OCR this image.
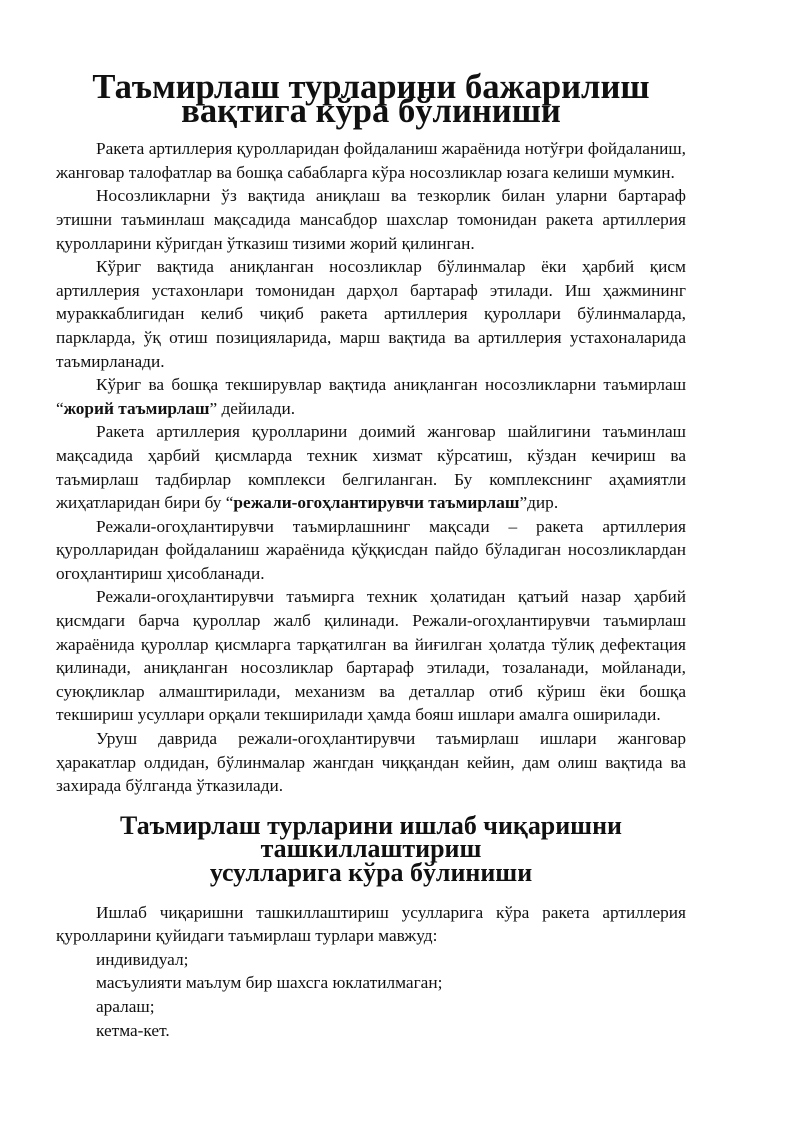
Таъмирлаш турларини бажарилиш вақтига кўра бўлиниши

Ракета артиллерия қуролларидан фойдаланиш жараёнида нотўғри фойдаланиш, жанговар талофатлар ва бошқа сабабларга кўра носозликлар юзага келиши мумкин.

Носозликларни ўз вақтида аниқлаш ва тезкорлик билан уларни бартараф этишни таъминлаш мақсадида мансабдор шахслар томонидан ракета артиллерия қуролларини кўригдан ўтказиш тизими жорий қилинган.

Кўриг вақтида аниқланган носозликлар бўлинмалар ёки ҳарбий қисм артиллерия устахонлари томонидан дарҳол бартараф этилади. Иш ҳажмининг мураккаблигидан келиб чиқиб ракета артиллерия қуроллари бўлинмаларда, паркларда, ўқ отиш позицияларида, марш вақтида ва артиллерия устахоналарида таъмирланади.

Кўриг ва бошқа текширувлар вақтида аниқланган носозликларни таъмирлаш “жорий таъмирлаш” дейилади.

Ракета артиллерия қуролларини доимий жанговар шайлигини таъминлаш мақсадида ҳарбий қисмларда техник хизмат кўрсатиш, кўздан кечириш ва таъмирлаш тадбирлар комплекси белгиланган. Бу комплекснинг аҳамиятли жиҳатларидан бири бу “режали-огоҳлантирувчи таъмирлаш”дир.

Режали-огоҳлантирувчи таъмирлашнинг мақсади – ракета артиллерия қуролларидан фойдаланиш жараёнида қўққисдан пайдо бўладиган носозликлардан огоҳлантириш ҳисобланади.

Режали-огоҳлантирувчи таъмирга техник ҳолатидан қатъий назар ҳарбий қисмдаги барча қуроллар жалб қилинади. Режали-огоҳлантирувчи таъмирлаш жараёнида қуроллар қисмларга тарқатилган ва йиғилган ҳолатда тўлиқ дефектация қилинади, аниқланган носозликлар бартараф этилади, тозаланади, мойланади, суюқликлар алмаштирилади, механизм ва деталлар отиб кўриш ёки бошқа текшириш усуллари орқали текширилади ҳамда бояш ишлари амалга оширилади.

Уруш даврида режали-огоҳлантирувчи таъмирлаш ишлари жанговар ҳаракатлар олдидан, бўлинмалар жангдан чиққандан кейин, дам олиш вақтида ва захирада бўлганда ўтказилади.

Таъмирлаш турларини ишлаб чиқаришни ташкиллаштириш
усулларига кўра бўлиниши

Ишлаб чиқаришни ташкиллаштириш усулларига кўра ракета артиллерия қуролларини қуйидаги таъмирлаш турлари мавжуд:

индивидуал;
масъулияти маълум бир шахсга юклатилмаган;
аралаш;
кетма-кет.
